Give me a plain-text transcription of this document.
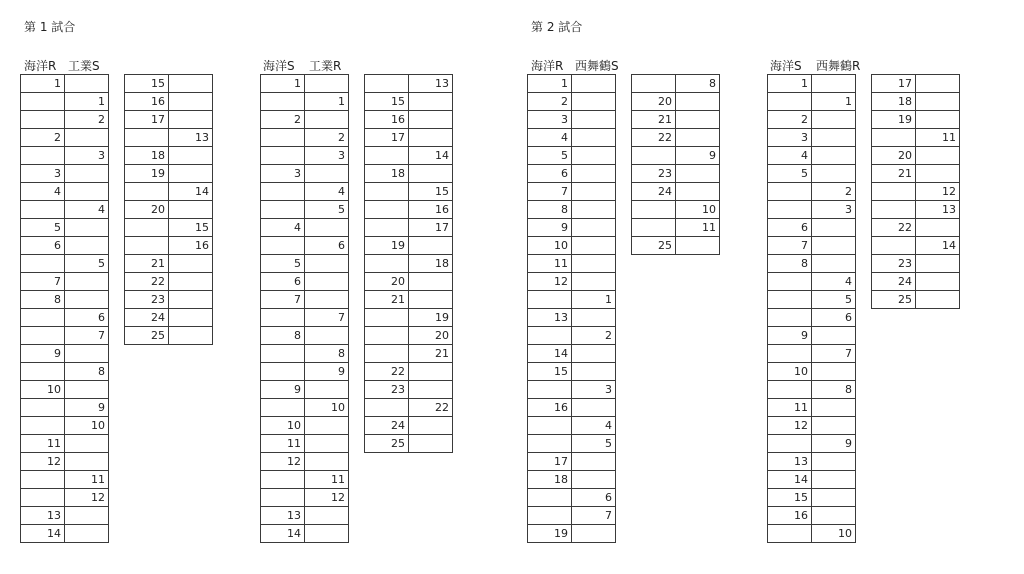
第 1 試合	第 2 試合
海洋R 工業S	海洋S 工業R	海洋R 西舞鶴S	海洋S 西舞鶴R
1	
	1
	2
2	
	3
3	
4	
	4
5	
6	
	5
7	
8	
	6
	7
9	
	8
10	
	9
	10
11	
12	
	11
	12
13	
14	
15	
16	
17	
	13
18	
19	
	14
20	
	15
	16
21	
22	
23	
24	
25	
1	
	1
2	
	2
	3
3	
	4
	5
4	
	6
5	
6	
7	
	7
8	
	8
	9
9	
	10
10	
11	
12	
	11
	12
13	
14	
	13
15	
16	
17	
	14
18	
	15
	16
	17
19	
	18
20	
21	
	19
	20
	21
22	
23	
	22
24	
25	
1	
2	
3	
4	
5	
6	
7	
8	
9	
10	
11	
12	
	1
13	
	2
14	
15	
	3
16	
	4
	5
17	
18	
	6
	7
19	
	8
20	
21	
22	
	9
23	
24	
	10
	11
25	
1	
	1
2	
3	
4	
5	
	2
	3
6	
7	
8	
	4
	5
	6
9	
	7
10	
	8
11	
12	
	9
13	
14	
15	
16	
	10
17	
18	
19	
	11
20	
21	
	12
	13
22	
	14
23	
24	
25	
